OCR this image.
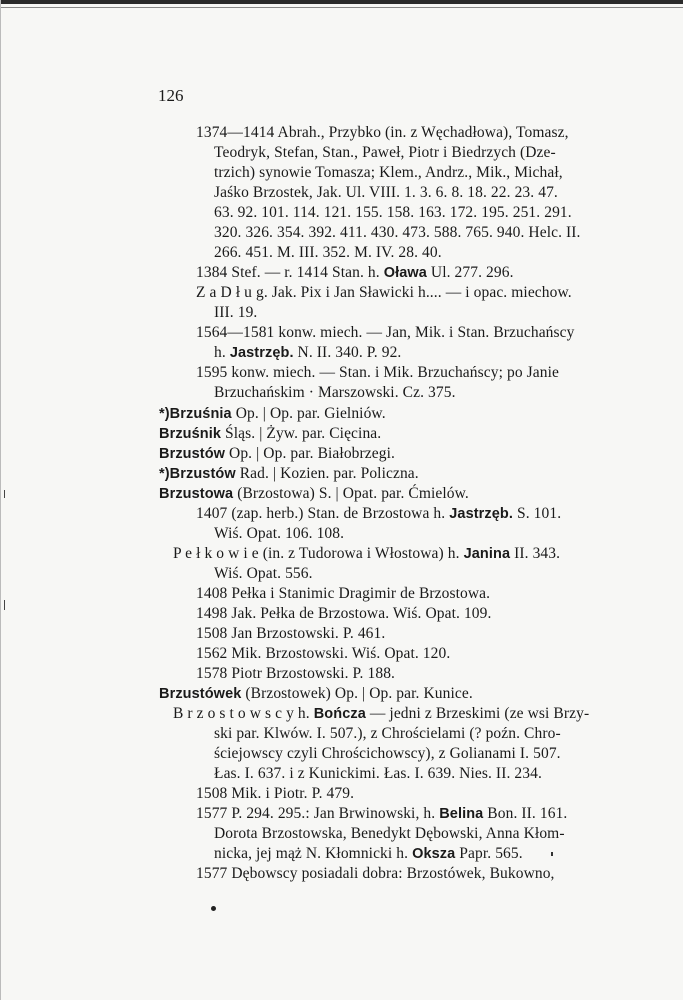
126
1374—1414 Abrah., Przybko (in. z Węchadłowa), Tomasz,
Teodryk, Stefan, Stan., Paweł, Piotr i Biedrzych (Dze-
trzich) synowie Tomasza; Klem., Andrz., Mik., Michał,
Jaśko Brzostek, Jak. Ul. VIII. 1. 3. 6. 8. 18. 22. 23. 47.
63. 92. 101. 114. 121. 155. 158. 163. 172. 195. 251. 291.
320. 326. 354. 392. 411. 430. 473. 588. 765. 940. Helc. II.
266. 451. M. III. 352. M. IV. 28. 40.
1384 Stef. — r. 1414 Stan. h. Oława Ul. 277. 296.
Z a D ł u g. Jak. Pix i Jan Sławicki h.... — i opac. miechow.
III. 19.
1564—1581 konw. miech. — Jan, Mik. i Stan. Brzuchańscy
h. Jastrzęb. N. II. 340. P. 92.
1595 konw. miech. — Stan. i Mik. Brzuchańscy; po Janie
Brzuchańskim · Marszowski. Cz. 375.
*)Brzuśnia Op. | Op. par. Gielniów.
Brzuśnik Śląs. | Żyw. par. Cięcina.
Brzustów Op. | Op. par. Białobrzegi.
*)Brzustów Rad. | Kozien. par. Policzna.
Brzustowa (Brzostowa) S. | Opat. par. Ćmielów.
1407 (zap. herb.) Stan. de Brzostowa h. Jastrzęb. S. 101.
Wiś. Opat. 106. 108.
P e ł k o w i e (in. z Tudorowa i Włostowa) h. Janina II. 343.
Wiś. Opat. 556.
1408 Pełka i Stanimic Dragimir de Brzostowa.
1498 Jak. Pełka de Brzostowa. Wiś. Opat. 109.
1508 Jan Brzostowski. P. 461.
1562 Mik. Brzostowski. Wiś. Opat. 120.
1578 Piotr Brzostowski. P. 188.
Brzustówek (Brzostowek) Op. | Op. par. Kunice.
B r z o s t o w s c y h. Bończa — jedni z Brzeskimi (ze wsi Brzy-
ski par. Klwów. I. 507.), z Chrościelami (? poźn. Chro-
ściejowscy czyli Chrościchowscy), z Golianami I. 507.
Łas. I. 637. i z Kunickimi. Łas. I. 639. Nies. II. 234.
1508 Mik. i Piotr. P. 479.
1577 P. 294. 295.: Jan Brwinowski, h. Belina Bon. II. 161.
Dorota Brzostowska, Benedykt Dębowski, Anna Kłom-
nicka, jej mąż N. Kłomnicki h. Oksza Papr. 565.
1577 Dębowscy posiadali dobra: Brzostówek, Bukowno,
